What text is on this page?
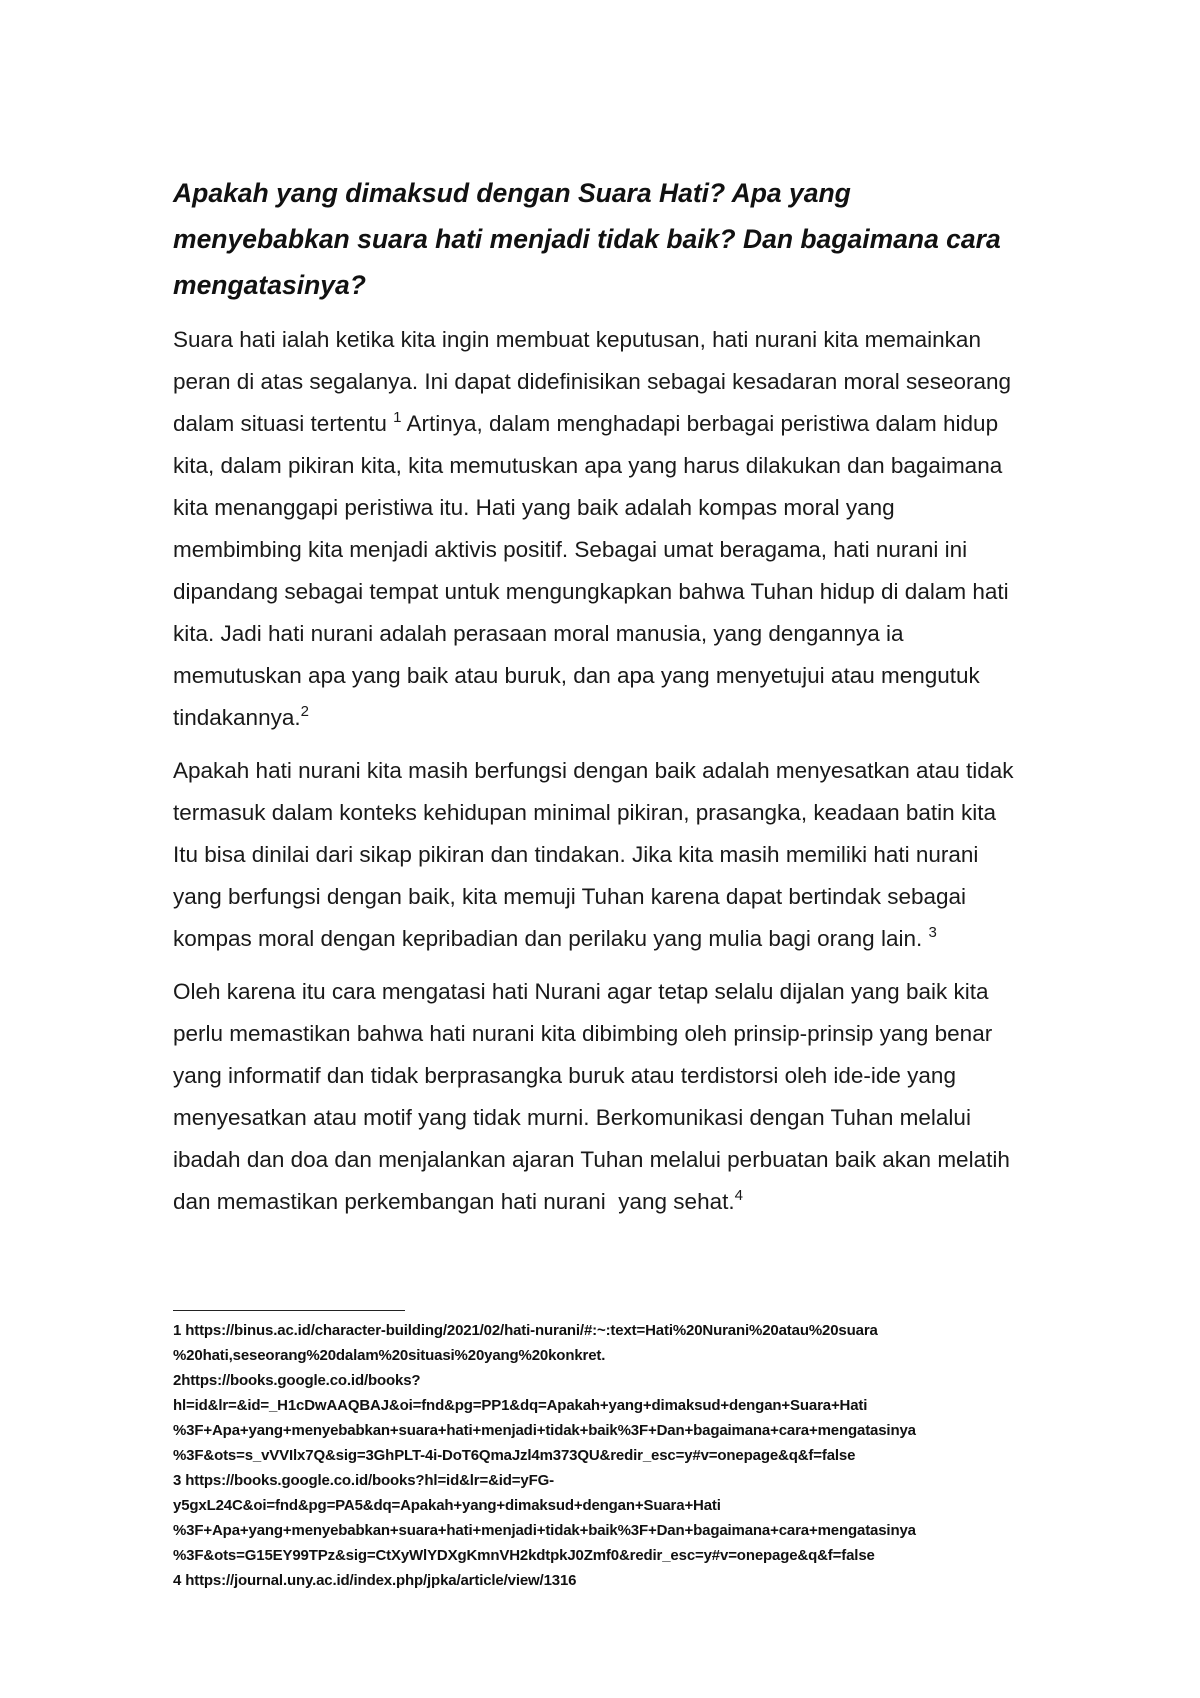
Apakah yang dimaksud dengan Suara Hati? Apa yang
menyebabkan suara hati menjadi tidak baik? Dan bagaimana cara
mengatasinya?
Suara hati ialah ketika kita ingin membuat keputusan, hati nurani kita memainkan
peran di atas segalanya. Ini dapat didefinisikan sebagai kesadaran moral seseorang
dalam situasi tertentu $^1$ Artinya, dalam menghadapi berbagai peristiwa dalam hidup
kita, dalam pikiran kita, kita memutuskan apa yang harus dilakukan dan bagaimana
kita menanggapi peristiwa itu. Hati yang baik adalah kompas moral yang
membimbing kita menjadi aktivis positif. Sebagai umat beragama, hati nurani ini
dipandang sebagai tempat untuk mengungkapkan bahwa Tuhan hidup di dalam hati
kita. Jadi hati nurani adalah perasaan moral manusia, yang dengannya ia
memutuskan apa yang baik atau buruk, dan apa yang menyetujui atau mengutuk
tindakannya.$^2$
Apakah hati nurani kita masih berfungsi dengan baik adalah menyesatkan atau tidak
termasuk dalam konteks kehidupan minimal pikiran, prasangka, keadaan batin kita
Itu bisa dinilai dari sikap pikiran dan tindakan. Jika kita masih memiliki hati nurani
yang berfungsi dengan baik, kita memuji Tuhan karena dapat bertindak sebagai
kompas moral dengan kepribadian dan perilaku yang mulia bagi orang lain. $^3$
Oleh karena itu cara mengatasi hati Nurani agar tetap selalu dijalan yang baik kita
perlu memastikan bahwa hati nurani kita dibimbing oleh prinsip-prinsip yang benar
yang informatif dan tidak berprasangka buruk atau terdistorsi oleh ide-ide yang
menyesatkan atau motif yang tidak murni. Berkomunikasi dengan Tuhan melalui
ibadah dan doa dan menjalankan ajaran Tuhan melalui perbuatan baik akan melatih
dan memastikan perkembangan hati nurani  yang sehat.$^4$
1 https://binus.ac.id/character-building/2021/02/hati-nurani/#:~:text=Hati%20Nurani%20atau%20suara
%20hati,seseorang%20dalam%20situasi%20yang%20konkret.
2https://books.google.co.id/books?
hl=id&lr=&id=_H1cDwAAQBAJ&oi=fnd&pg=PP1&dq=Apakah+yang+dimaksud+dengan+Suara+Hati
%3F+Apa+yang+menyebabkan+suara+hati+menjadi+tidak+baik%3F+Dan+bagaimana+cara+mengatasinya
%3F&ots=s_vVVIlx7Q&sig=3GhPLT-4i-DoT6QmaJzl4m373QU&redir_esc=y#v=onepage&q&f=false
3 https://books.google.co.id/books?hl=id&lr=&id=yFG-
y5gxL24C&oi=fnd&pg=PA5&dq=Apakah+yang+dimaksud+dengan+Suara+Hati
%3F+Apa+yang+menyebabkan+suara+hati+menjadi+tidak+baik%3F+Dan+bagaimana+cara+mengatasinya
%3F&ots=G15EY99TPz&sig=CtXyWlYDXgKmnVH2kdtpkJ0Zmf0&redir_esc=y#v=onepage&q&f=false
4 https://journal.uny.ac.id/index.php/jpka/article/view/1316
